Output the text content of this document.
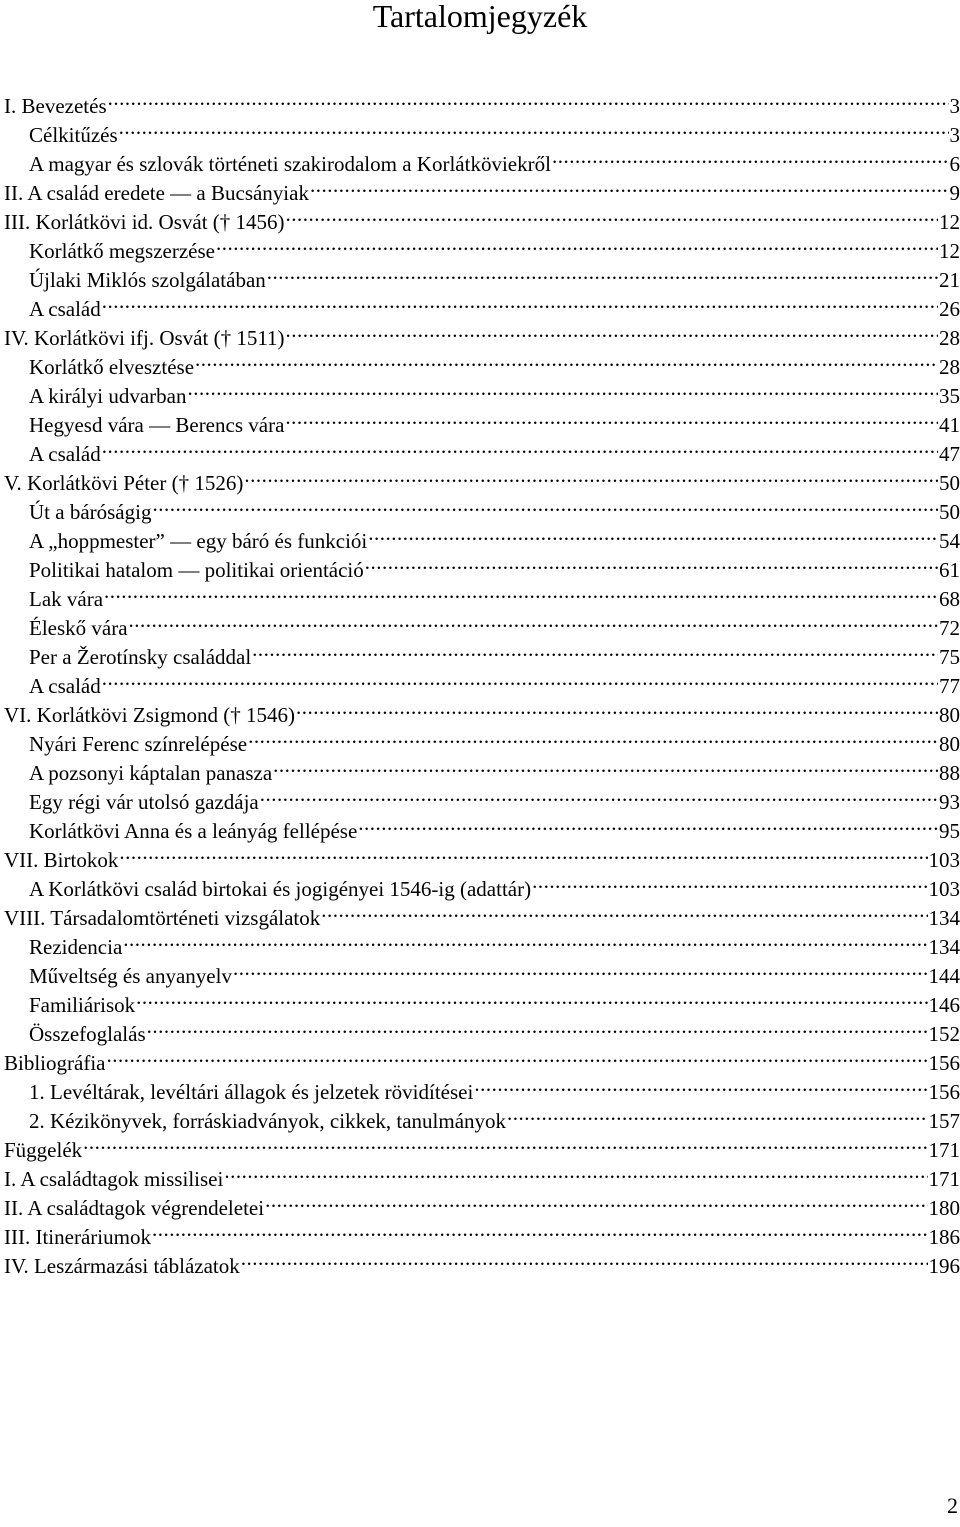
Tartalomjegyzék
I. Bevezetés .....	3
Célkitűzés .....	3
A magyar és szlovák történeti szakirodalom a Korlátkövіekről .....	6
II. A család eredete — a Bucsányiak .....	9
III. Korlátkövi id. Osvát († 1456) .....	12
Korlátkő megszerzése .....	12
Újlaki Miklós szolgálatában .....	21
A család .....	26
IV. Korlátkövi ifj. Osvát († 1511) .....	28
Korlátkő elvesztése .....	28
A királyi udvarban .....	35
Hegyesd vára — Berencs vára .....	41
A család .....	47
V. Korlátkövi Péter († 1526) .....	50
Út a báróságig .....	50
A „hoppmester” — egy báró és funkciói .....	54
Politikai hatalom — politikai orientáció .....	61
Lak vára .....	68
Éleskő vára .....	72
Per a Žerotínsky családdal .....	75
A család .....	77
VI. Korlátkövi Zsigmond († 1546) .....	80
Nyári Ferenc színrelépése .....	80
A pozsonyi káptalan panasza .....	88
Egy régi vár utolsó gazdája .....	93
Korlátkövi Anna és a leányág fellépése .....	95
VII. Birtokok .....	103
A Korlátkövi család birtokai és jogigényei 1546-ig (adattár) .....	103
VIII. Társadalomtörténeti vizsgálatok .....	134
Rezidencia .....	134
Műveltség és anyanyelv .....	144
Familiárisok .....	146
Összefoglalás .....	152
Bibliográfia .....	156
1. Levéltárak, levéltári állagok és jelzetek rövidítései .....	156
2. Kézikönyvek, forráskiadványok, cikkek, tanulmányok .....	157
Függelék .....	171
I. A családtagok missilisei .....	171
II. A családtagok végrendeletei .....	180
III. Itineráriumok .....	186
IV. Leszármazási táblázatok .....	196
2
